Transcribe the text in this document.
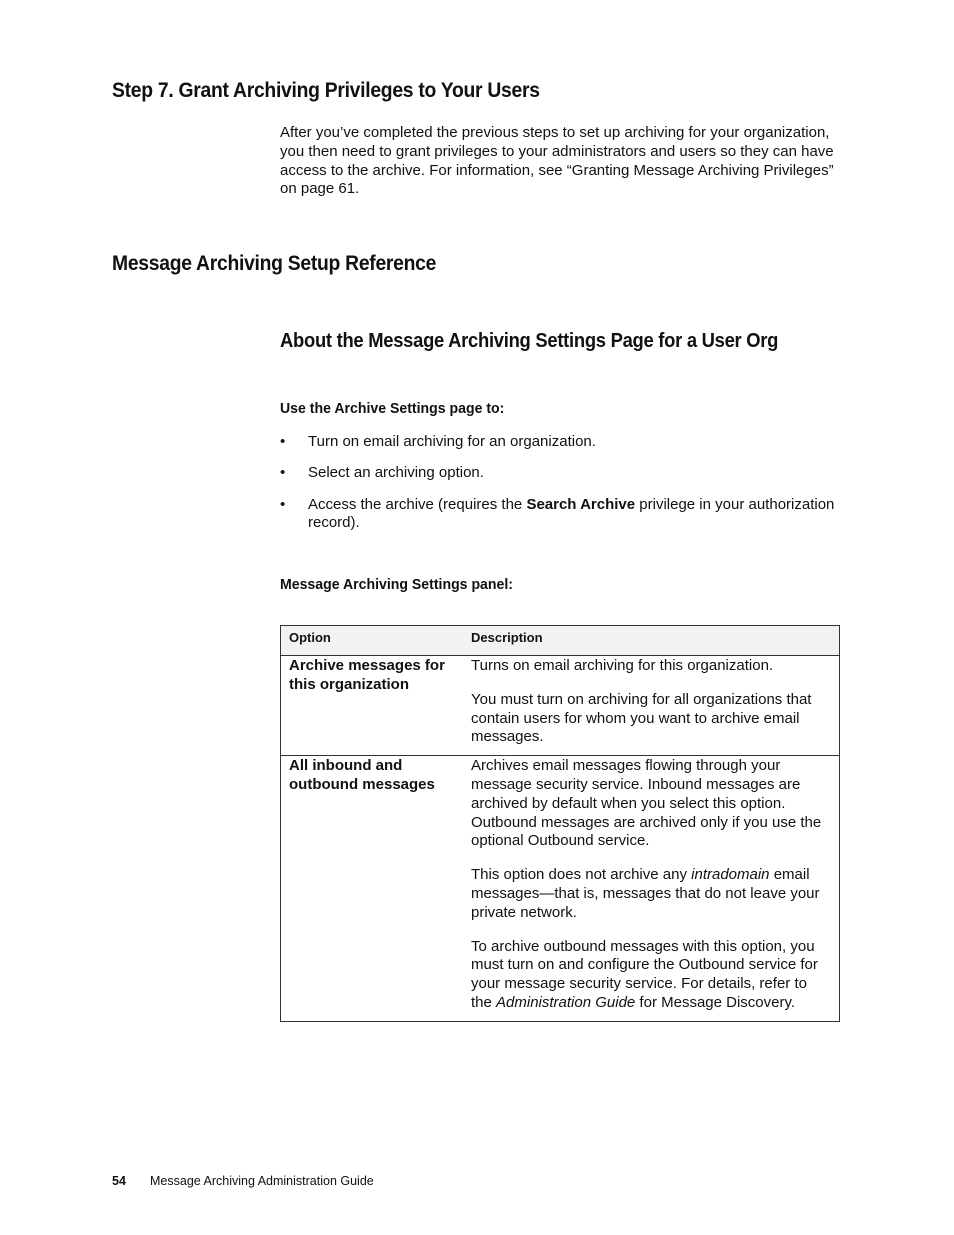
Step 7. Grant Archiving Privileges to Your Users

After you’ve completed the previous steps to set up archiving for your organization, you then need to grant privileges to your administrators and users so they can have access to the archive. For information, see “Granting Message Archiving Privileges” on page 61.

Message Archiving Setup Reference
About the Message Archiving Settings Page for a User Org
Use the Archive Settings page to:
• Turn on email archiving for an organization.
• Select an archiving option.
• Access the archive (requires the Search Archive privilege in your authorization record).
Message Archiving Settings panel:
Option	Description
Archive messages for this organization	Turns on email archiving for this organization.

You must turn on archiving for all organizations that contain users for whom you want to archive email messages.

All inbound and outbound messages	Archives email messages flowing through your message security service. Inbound messages are archived by default when you select this option. Outbound messages are archived only if you use the optional Outbound service.

This option does not archive any intradomain email messages—that is, messages that do not leave your private network.

To archive outbound messages with this option, you must turn on and configure the Outbound service for your message security service. For details, refer to the Administration Guide for Message Discovery.

54 Message Archiving Administration Guide
